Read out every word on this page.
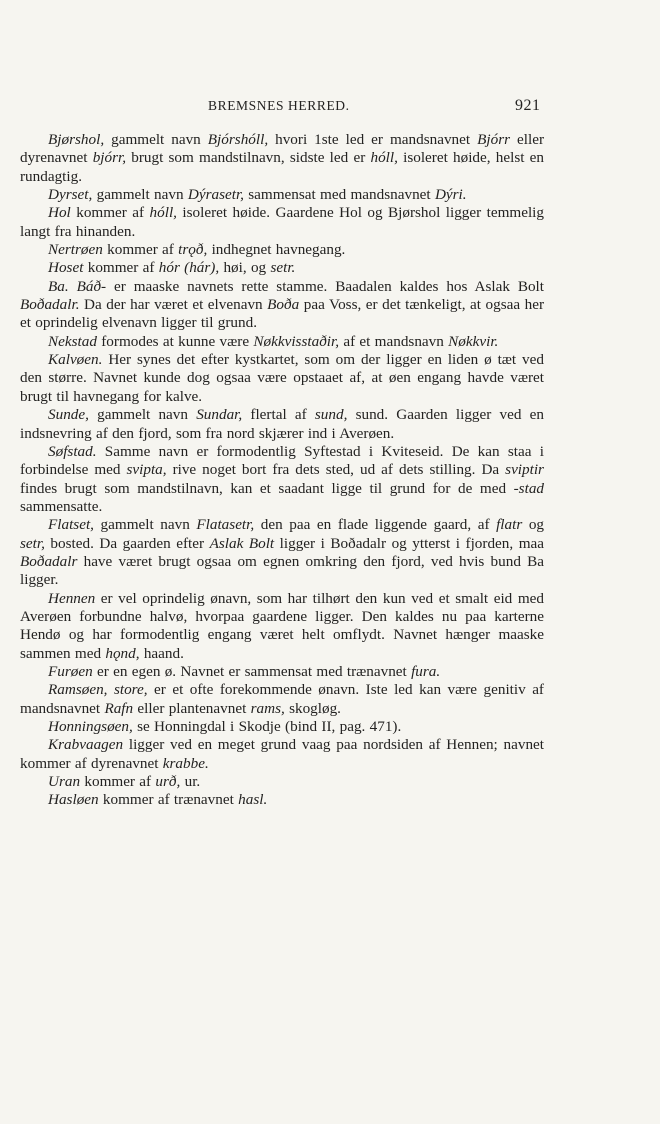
BREMSNES HERRED.	921

Bjørshol, gammelt navn Bjórshóll, hvori 1ste led er mandsnavnet Bjórr eller dyrenavnet bjórr, brugt som mandstilnavn, sidste led er hóll, isoleret høide, helst en rundagtig.

Dyrset, gammelt navn Dýrasetr, sammensat med mandsnavnet Dýri.

Hol kommer af hóll, isoleret høide. Gaardene Hol og Bjørshol ligger temmelig langt fra hinanden.

Nertrøen kommer af trǫð, indhegnet havnegang.

Hoset kommer af hór (hár), høi, og setr.

Ba. Báð- er maaske navnets rette stamme. Baadalen kaldes hos Aslak Bolt Boðadalr. Da der har været et elvenavn Boða paa Voss, er det tænkeligt, at ogsaa her et oprindelig elvenavn ligger til grund.

Nekstad formodes at kunne være Nøkkvisstaðir, af et mandsnavn Nøkkvir.

Kalvøen. Her synes det efter kystkartet, som om der ligger en liden ø tæt ved den større. Navnet kunde dog ogsaa være opstaaet af, at øen engang havde været brugt til havnegang for kalve.

Sunde, gammelt navn Sundar, flertal af sund, sund. Gaarden ligger ved en indsnevring af den fjord, som fra nord skjærer ind i Averøen.

Søfstad. Samme navn er formodentlig Syftestad i Kviteseid. De kan staa i forbindelse med svipta, rive noget bort fra dets sted, ud af dets stilling. Da sviptir findes brugt som mandstilnavn, kan et saadant ligge til grund for de med -stad sammensatte.

Flatset, gammelt navn Flatasetr, den paa en flade liggende gaard, af flatr og setr, bosted. Da gaarden efter Aslak Bolt ligger i Boðadalr og ytterst i fjorden, maa Boðadalr have været brugt ogsaa om egnen omkring den fjord, ved hvis bund Ba ligger.

Hennen er vel oprindelig ønavn, som har tilhørt den kun ved et smalt eid med Averøen forbundne halvø, hvorpaa gaardene ligger. Den kaldes nu paa karterne Hendø og har formodentlig engang været helt omflydt. Navnet hænger maaske sammen med hǫnd, haand.

Furøen er en egen ø. Navnet er sammensat med trænavnet fura.

Ramsøen, store, er et ofte forekommende ønavn. Iste led kan være genitiv af mandsnavnet Rafn eller plantenavnet rams, skogløg.

Honningsøen, se Honningdal i Skodje (bind II, pag. 471).

Krabvaagen ligger ved en meget grund vaag paa nordsiden af Hennen; navnet kommer af dyrenavnet krabbe.

Uran kommer af urð, ur.

Hasløen kommer af trænavnet hasl.
